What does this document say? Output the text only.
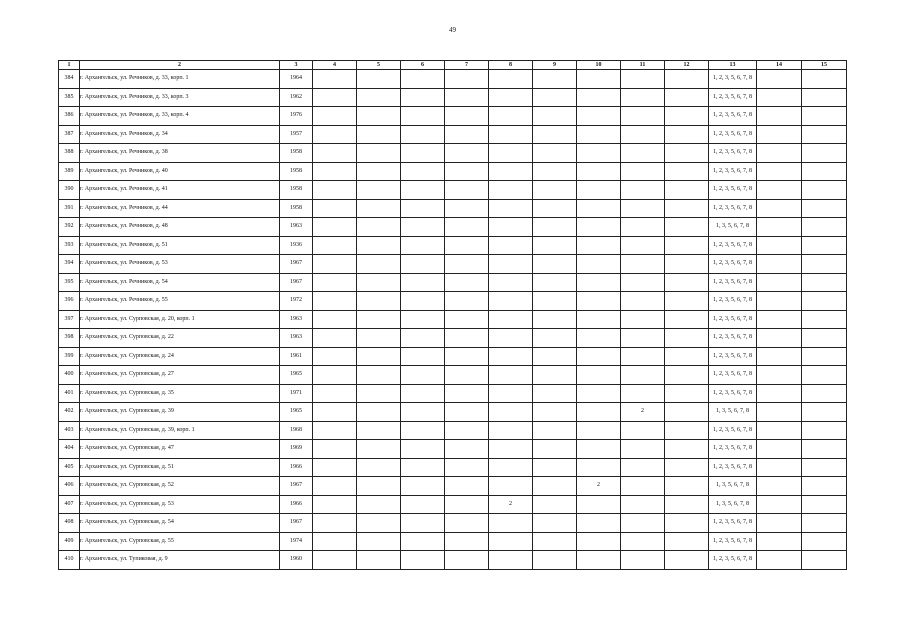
49
1	2	3	4	5	6	7	8	9	10	11	12	13	14	15
384	г. Архангельск, ул. Речников, д. 33, корп. 1	1964										1, 2, 3, 5, 6, 7, 8		
385	г. Архангельск, ул. Речников, д. 33, корп. 3	1962										1, 2, 3, 5, 6, 7, 8		
386	г. Архангельск, ул. Речников, д. 33, корп. 4	1976										1, 2, 3, 5, 6, 7, 8		
387	г. Архангельск, ул. Речников, д. 34	1957										1, 2, 3, 5, 6, 7, 8		
388	г. Архангельск, ул. Речников, д. 38	1958										1, 2, 3, 5, 6, 7, 8		
389	г. Архангельск, ул. Речников, д. 40	1958										1, 2, 3, 5, 6, 7, 8		
390	г. Архангельск, ул. Речников, д. 41	1958										1, 2, 3, 5, 6, 7, 8		
391	г. Архангельск, ул. Речников, д. 44	1958										1, 2, 3, 5, 6, 7, 8		
392	г. Архангельск, ул. Речников, д. 48	1963										1, 3, 5, 6, 7, 8		
393	г. Архангельск, ул. Речников, д. 51	1936										1, 2, 3, 5, 6, 7, 8		
394	г. Архангельск, ул. Речников, д. 53	1967										1, 2, 3, 5, 6, 7, 8		
395	г. Архангельск, ул. Речников, д. 54	1967										1, 2, 3, 5, 6, 7, 8		
396	г. Архангельск, ул. Речников, д. 55	1972										1, 2, 3, 5, 6, 7, 8		
397	г. Архангельск, ул. Сурповская, д. 20, корп. 1	1963										1, 2, 3, 5, 6, 7, 8		
398	г. Архангельск, ул. Сурповская, д. 22	1963										1, 2, 3, 5, 6, 7, 8		
399	г. Архангельск, ул. Сурповская, д. 24	1961										1, 2, 3, 5, 6, 7, 8		
400	г. Архангельск, ул. Сурповская, д. 27	1965										1, 2, 3, 5, 6, 7, 8		
401	г. Архангельск, ул. Сурповская, д. 35	1971										1, 2, 3, 5, 6, 7, 8		
402	г. Архангельск, ул. Сурповская, д. 39	1965								2		1, 3, 5, 6, 7, 8		
403	г. Архангельск, ул. Сурповская, д. 39, корп. 1	1968										1, 2, 3, 5, 6, 7, 8		
404	г. Архангельск, ул. Сурповская, д. 47	1969										1, 2, 3, 5, 6, 7, 8		
405	г. Архангельск, ул. Сурповская, д. 51	1966										1, 2, 3, 5, 6, 7, 8		
406	г. Архангельск, ул. Сурповская, д. 52	1967							2			1, 3, 5, 6, 7, 8		
407	г. Архангельск, ул. Сурповская, д. 53	1966					2					1, 3, 5, 6, 7, 8		
408	г. Архангельск, ул. Сурповская, д. 54	1967										1, 2, 3, 5, 6, 7, 8		
409	г. Архангельск, ул. Сурповская, д. 55	1974										1, 2, 3, 5, 6, 7, 8		
410	г. Архангельск, ул. Тупиковая, д. 9	1960										1, 2, 3, 5, 6, 7, 8		
